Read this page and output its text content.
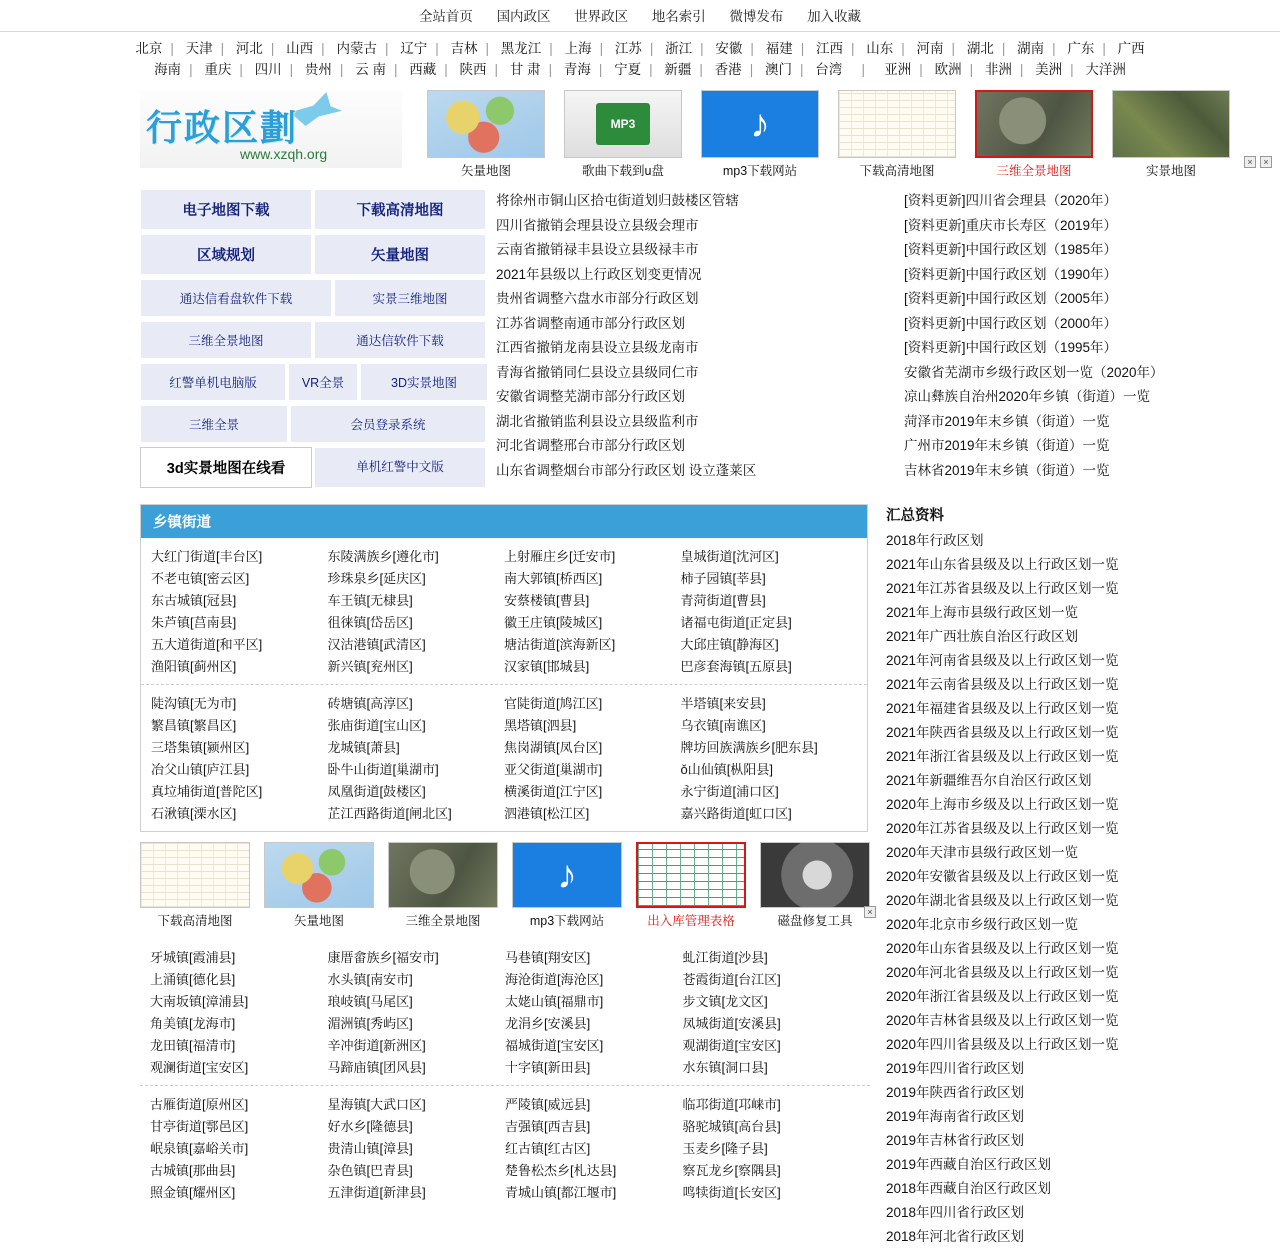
全站首页 国内政区 世界政区 地名索引 微博发布 加入收藏
北京 | 天津 | 河北 | 山西 | 内蒙古 | 辽宁 | 吉林 | 黑龙江 | 上海 | 江苏 | 浙江 | 安徽 | 福建 | 江西 | 山东 | 河南 | 湖北 | 湖南 | 广东 | 广西
海南 | 重庆 | 四川 | 贵州 | 云 南 | 西藏 | 陕西 | 甘 肃 | 青海 | 宁夏 | 新疆 | 香港 | 澳门 | 台湾   |   亚洲 | 欧洲 | 非洲 | 美洲 | 大洋洲
行政区劃
www.xzqh.org
矢量地图
MP3
歌曲下载到u盘
♪
mp3下载网站	下载高清地图	三维全景地图	实景地图
×	×
电子地图下载	下载高清地图
区域规划	矢量地图
通达信看盘软件下载	实景三维地图
三维全景地图	通达信软件下载
红警单机电脑版	VR全景	3D实景地图
三维全景	会员登录系统
3d实景地图在线看	单机红警中文版
将徐州市铜山区拾屯街道划归鼓楼区管辖
四川省撤销会理县设立县级会理市
云南省撤销禄丰县设立县级禄丰市
2021年县级以上行政区划变更情况
贵州省调整六盘水市部分行政区划
江苏省调整南通市部分行政区划
江西省撤销龙南县设立县级龙南市
青海省撤销同仁县设立县级同仁市
安徽省调整芜湖市部分行政区划
湖北省撤销监利县设立县级监利市
河北省调整邢台市部分行政区划
山东省调整烟台市部分行政区划 设立蓬莱区
[资料更新]四川省会理县（2020年）
[资料更新]重庆市长寿区（2019年）
[资料更新]中国行政区划（1985年）
[资料更新]中国行政区划（1990年）
[资料更新]中国行政区划（2005年）
[资料更新]中国行政区划（2000年）
[资料更新]中国行政区划（1995年）
安徽省芜湖市乡级行政区划一览（2020年）
凉山彝族自治州2020年乡镇（街道）一览
菏泽市2019年末乡镇（街道）一览
广州市2019年末乡镇（街道）一览
吉林省2019年末乡镇（街道）一览
乡镇街道
大红门街道[丰台区]	东陵满族乡[遵化市]	上射雁庄乡[迁安市]	皇城街道[沈河区]
不老屯镇[密云区]	珍珠泉乡[延庆区]	南大郭镇[桥西区]	柿子园镇[莘县]
东古城镇[冠县]	车王镇[无棣县]	安蔡楼镇[曹县]	青菏街道[曹县]
朱芦镇[莒南县]	徂徕镇[岱岳区]	徽王庄镇[陵城区]	诸福屯街道[正定县]
五大道街道[和平区]	汉沽港镇[武清区]	塘沽街道[滨海新区]	大邱庄镇[静海区]
渔阳镇[蓟州区]	新兴镇[兖州区]	汉家镇[邯城县]	巴彦套海镇[五原县]
陡沟镇[无为市]	砖塘镇[高淳区]	官陡街道[鸠江区]	半塔镇[来安县]
繁昌镇[繁昌区]	张庙街道[宝山区]	黑塔镇[泗县]	乌衣镇[南谯区]
三塔集镇[颍州区]	龙城镇[萧县]	焦岗湖镇[凤台区]	牌坊回族满族乡[肥东县]
冶父山镇[庐江县]	卧牛山街道[巢湖市]	亚父街道[巢湖市]	ǒ山仙镇[枞阳县]
真垃埔街道[普陀区]	凤凰街道[鼓楼区]	横溪街道[江宁区]	永宁街道[浦口区]
石湫镇[溧水区]	芷江西路街道[闸北区]	泗港镇[松江区]	嘉兴路街道[虹口区]
下载高清地图	矢量地图	三维全景地图
♪
mp3下载网站	出入库管理表格	磁盘修复工具
×
牙城镇[霞浦县]	康厝畲族乡[福安市]	马巷镇[翔安区]	虬江街道[沙县]
上涌镇[德化县]	水头镇[南安市]	海沧街道[海沧区]	苍霞街道[台江区]
大南坂镇[漳浦县]	琅岐镇[马尾区]	太姥山镇[福鼎市]	步文镇[龙文区]
角美镇[龙海市]	湄洲镇[秀屿区]	龙涓乡[安溪县]	凤城街道[安溪县]
龙田镇[福清市]	辛冲街道[新洲区]	福城街道[宝安区]	观湖街道[宝安区]
观澜街道[宝安区]	马蹄庙镇[团风县]	十字镇[新田县]	水东镇[洞口县]
古雁街道[原州区]	星海镇[大武口区]	严陵镇[威远县]	临邛街道[邛崃市]
甘亭街道[鄠邑区]	好水乡[隆德县]	吉强镇[西吉县]	骆驼城镇[高台县]
岷泉镇[嘉峪关市]	贵清山镇[漳县]	红古镇[红古区]	玉麦乡[隆子县]
古城镇[那曲县]	杂色镇[巴青县]	楚鲁松杰乡[札达县]	察瓦龙乡[察隅县]
照金镇[耀州区]	五津街道[新津县]	青城山镇[都江堰市]	鸣犊街道[长安区]
汇总资料
2018年行政区划
2021年山东省县级及以上行政区划一览
2021年江苏省县级及以上行政区划一览
2021年上海市县级行政区划一览
2021年广西壮族自治区行政区划
2021年河南省县级及以上行政区划一览
2021年云南省县级及以上行政区划一览
2021年福建省县级及以上行政区划一览
2021年陕西省县级及以上行政区划一览
2021年浙江省县级及以上行政区划一览
2021年新疆维吾尔自治区行政区划
2020年上海市乡级及以上行政区划一览
2020年江苏省县级及以上行政区划一览
2020年天津市县级行政区划一览
2020年安徽省县级及以上行政区划一览
2020年湖北省县级及以上行政区划一览
2020年北京市乡级行政区划一览
2020年山东省县级及以上行政区划一览
2020年河北省县级及以上行政区划一览
2020年浙江省县级及以上行政区划一览
2020年吉林省县级及以上行政区划一览
2020年四川省县级及以上行政区划一览
2019年四川省行政区划
2019年陕西省行政区划
2019年海南省行政区划
2019年吉林省行政区划
2019年西藏自治区行政区划
2018年西藏自治区行政区划
2018年四川省行政区划
2018年河北省行政区划
